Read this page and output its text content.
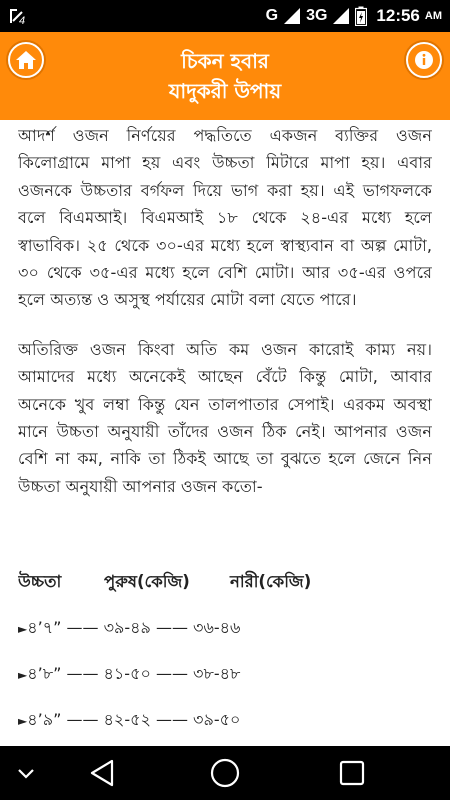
4	G 3G	12:56 AM
চিকন হবার
যাদুকরী উপায়

আদর্শ ওজন নির্ণয়ের পদ্ধতিতে একজন ব্যক্তির ওজন কিলোগ্রামে মাপা হয় এবং উচ্চতা মিটারে মাপা হয়। এবার ওজনকে উচ্চতার বর্গফল দিয়ে ভাগ করা হয়। এই ভাগফলকে বলে বিএমআই। বিএমআই ১৮ থেকে ২৪-এর মধ্যে হলে স্বাভাবিক। ২৫ থেকে ৩০-এর মধ্যে হলে স্বাস্থ্যবান বা অল্প মোটা, ৩০ থেকে ৩৫-এর মধ্যে হলে বেশি মোটা। আর ৩৫-এর ওপরে হলে অত্যন্ত ও অসুস্থ পর্যায়ের মোটা বলা যেতে পারে।

অতিরিক্ত ওজন কিংবা অতি কম ওজন কারোই কাম্য নয়। আমাদের মধ্যে অনেকেই আছেন বেঁটে কিন্তু মোটা, আবার অনেকে খুব লম্বা কিন্তু যেন তালপাতার সেপাই। এরকম অবস্থা মানে উচ্চতা অনুযায়ী তাঁদের ওজন ঠিক নেই। আপনার ওজন বেশি না কম, নাকি তা ঠিকই আছে তা বুঝতে হলে জেনে নিন উচ্চতা অনুযায়ী আপনার ওজন কতো-

উচ্চতা	পুরুষ(কেজি)	নারী(কেজি)
►৪’৭” —— ৩৯-৪৯ —— ৩৬-৪৬
►৪’৮” —— ৪১-৫০ —— ৩৮-৪৮
►৪’৯” —— ৪২-৫২ —— ৩৯-৫০
